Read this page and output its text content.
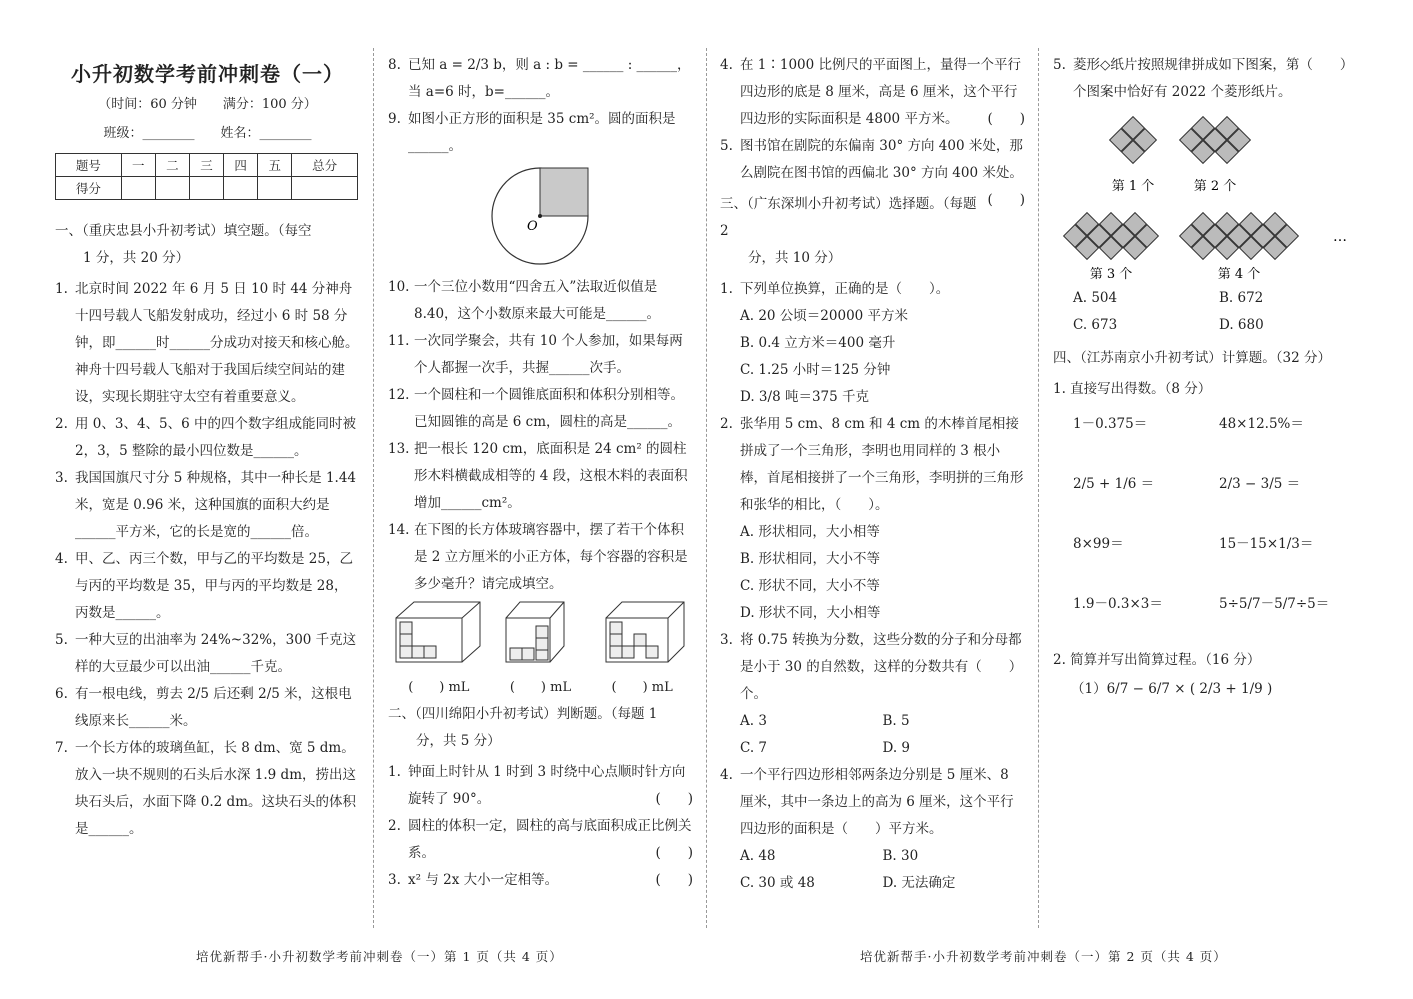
小升初数学考前冲刺卷（一）
（时间：60 分钟　　满分：100 分）
班级：________　　姓名：________
题号	一	二	三	四	五	总分
得分						
一、（重庆忠县小升初考试）填空题。（每空
1 分，共 20 分）
1. 北京时间 2022 年 6 月 5 日 10 时 44 分神舟十四号载人飞船发射成功，经过小 6 时 58 分钟，即______时______分成功对接天和核心舱。神舟十四号载人飞船对于我国后续空间站的建设，实现长期驻守太空有着重要意义。
2. 用 0、3、4、5、6 中的四个数字组成能同时被 2，3，5 整除的最小四位数是______。
3. 我国国旗尺寸分 5 种规格，其中一种长是 1.44 米，宽是 0.96 米，这种国旗的面积大约是______平方米，它的长是宽的______倍。
4. 甲、乙、丙三个数，甲与乙的平均数是 25，乙与丙的平均数是 35，甲与丙的平均数是 28，丙数是______。
5. 一种大豆的出油率为 24%~32%，300 千克这样的大豆最少可以出油______千克。
6. 有一根电线，剪去 2/5 后还剩 2/5 米，这根电线原来长______米。
7. 一个长方体的玻璃鱼缸，长 8 dm、宽 5 dm。放入一块不规则的石头后水深 1.9 dm，捞出这块石头后，水面下降 0.2 dm。这块石头的体积是______。
8. 已知 a = 2/3 b，则 a : b = ______ : ______，当 a=6 时，b=______。
9. 如图小正方形的面积是 35 cm²。圆的面积是______。
O
10. 一个三位小数用“四舍五入”法取近似值是 8.40，这个小数原来最大可能是______。
11. 一次同学聚会，共有 10 个人参加，如果每两个人都握一次手，共握______次手。
12. 一个圆柱和一个圆锥底面积和体积分别相等。已知圆锥的高是 6 cm，圆柱的高是______。
13. 把一根长 120 cm，底面积是 24 cm² 的圆柱形木料横截成相等的 4 段，这根木料的表面积增加______cm²。
14. 在下图的长方体玻璃容器中，摆了若干个体积是 2 立方厘米的小正方体，每个容器的容积是多少毫升？请完成填空。
(　　) mL	(　　) mL	(　　) mL
二、（四川绵阳小升初考试）判断题。（每题 1
分，共 5 分）
1. 钟面上时针从 1 时到 3 时绕中心点顺时针方向旋转了 90°。	(　　)
2. 圆柱的体积一定，圆柱的高与底面积成正比例关系。	(　　)
3. x² 与 2x 大小一定相等。	(　　)
4. 在 1∶1000 比例尺的平面图上，量得一个平行四边形的底是 8 厘米，高是 6 厘米，这个平行四边形的实际面积是 4800 平方米。 (　　)
5. 图书馆在剧院的东偏南 30° 方向 400 米处，那么剧院在图书馆的西偏北 30° 方向 400 米处。
(　　)
三、（广东深圳小升初考试）选择题。（每题 2
分，共 10 分）
1. 下列单位换算，正确的是（　　）。
A. 20 公顷＝20000 平方米
B. 0.4 立方米＝400 毫升
C. 1.25 小时＝125 分钟
D. 3/8 吨＝375 千克
2. 张华用 5 cm、8 cm 和 4 cm 的木棒首尾相接拼成了一个三角形，李明也用同样的 3 根小棒，首尾相接拼了一个三角形，李明拼的三角形和张华的相比，（　　）。
A. 形状相同，大小相等
B. 形状相同，大小不等
C. 形状不同，大小不等
D. 形状不同，大小相等
3. 将 0.75 转换为分数，这些分数的分子和分母都是小于 30 的自然数，这样的分数共有（　　）个。
A. 3	B. 5
C. 7	D. 9
4. 一个平行四边形相邻两条边分别是 5 厘米、8 厘米，其中一条边上的高为 6 厘米，这个平行四边形的面积是（　　）平方米。
A. 48	B. 30
C. 30 或 48	D. 无法确定
5. 菱形◇纸片按照规律拼成如下图案，第（　　）个图案中恰好有 2022 个菱形纸片。
第 1 个	第 2 个
第 3 个	第 4 个
…
A. 504	B. 672
C. 673	D. 680
四、（江苏南京小升初考试）计算题。（32 分）
1. 直接写出得数。（8 分）
1－0.375＝	48×12.5%＝
2/5 + 1/6 ＝	2/3 − 3/5 ＝
8×99＝	15－15×1/3＝
1.9－0.3×3＝	5÷5/7－5/7÷5＝
2. 简算并写出简算过程。（16 分）
（1）6/7 − 6/7 × ( 2/3 + 1/9 )
培优新帮手·小升初数学考前冲刺卷（一）第 1 页（共 4 页）	培优新帮手·小升初数学考前冲刺卷（一）第 2 页（共 4 页）
